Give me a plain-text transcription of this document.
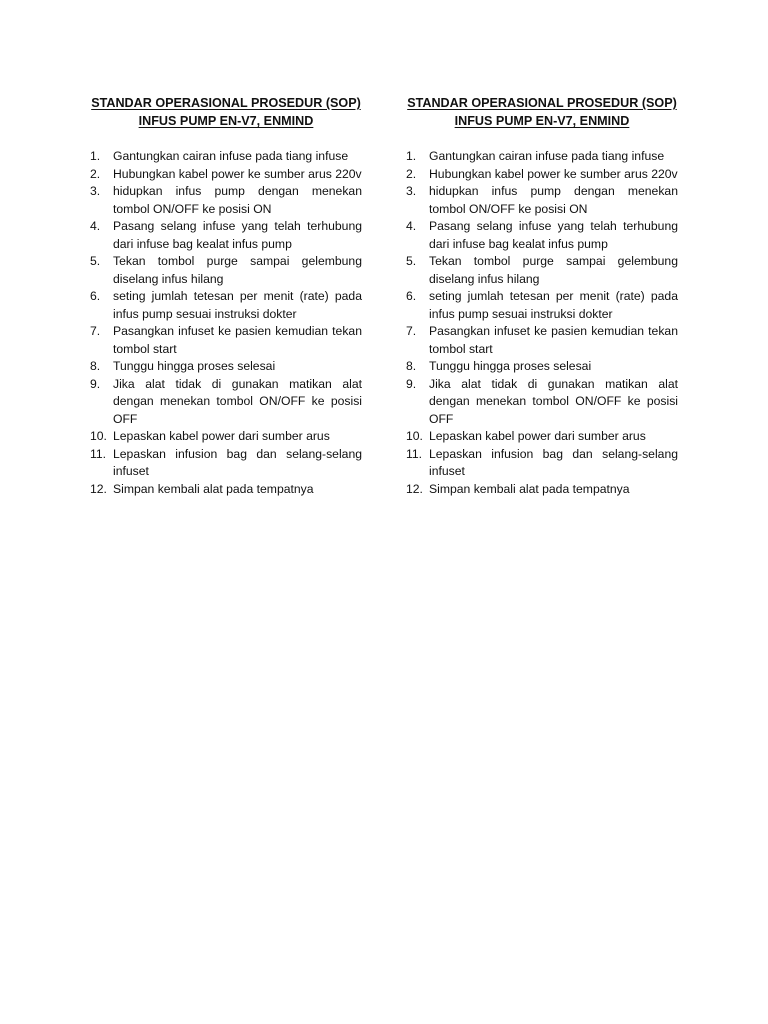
STANDAR OPERASIONAL PROSEDUR (SOP)
INFUS PUMP EN-V7, ENMIND
1.	Gantungkan cairan infuse pada tiang infuse
2.	Hubungkan kabel power ke sumber arus 220v
3.	hidupkan infus pump dengan menekan tombol ON/OFF ke posisi ON
4.	Pasang selang infuse yang telah terhubung dari infuse bag kealat infus pump
5.	Tekan tombol purge sampai gelembung diselang infus hilang
6.	seting jumlah tetesan per menit (rate) pada infus pump sesuai instruksi dokter
7.	Pasangkan infuset ke pasien kemudian tekan tombol start
8.	Tunggu hingga proses selesai
9.	Jika alat tidak di gunakan matikan alat dengan menekan tombol ON/OFF ke posisi OFF
10. Lepaskan kabel power dari sumber arus
11. Lepaskan infusion bag dan selang-selang infuset
12. Simpan kembali alat pada tempatnya
STANDAR OPERASIONAL PROSEDUR (SOP)
INFUS PUMP EN-V7, ENMIND
1.	Gantungkan cairan infuse pada tiang infuse
2.	Hubungkan kabel power ke sumber arus 220v
3.	hidupkan infus pump dengan menekan tombol ON/OFF ke posisi ON
4.	Pasang selang infuse yang telah terhubung dari infuse bag kealat infus pump
5.	Tekan tombol purge sampai gelembung diselang infus hilang
6.	seting jumlah tetesan per menit (rate) pada infus pump sesuai instruksi dokter
7.	Pasangkan infuset ke pasien kemudian tekan tombol start
8.	Tunggu hingga proses selesai
9.	Jika alat tidak di gunakan matikan alat dengan menekan tombol ON/OFF ke posisi OFF
10. Lepaskan kabel power dari sumber arus
11. Lepaskan infusion bag dan selang-selang infuset
12. Simpan kembali alat pada tempatnya
